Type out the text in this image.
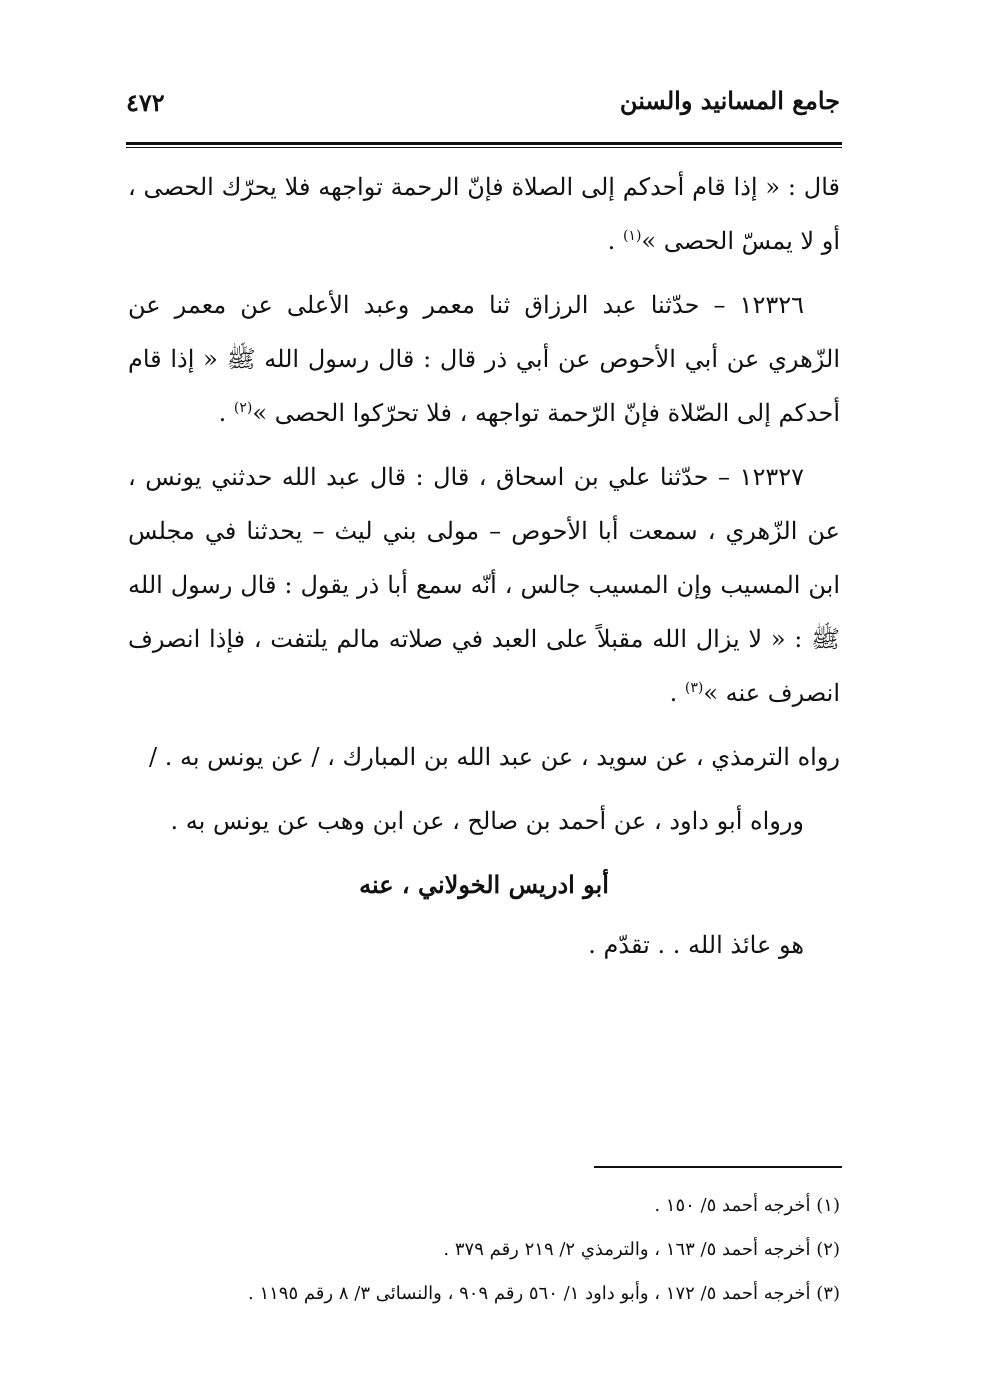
جامع المسانيد والسنن
٤٧٢

قال : « إذا قام أحدكم إلى الصلاة فإنّ الرحمة تواجهه فلا يحرّك الحصى ، أو لا يمسّ الحصى »$^{(١)}$ .

١٢٣٢٦ – حدّثنا عبد الرزاق ثنا معمر وعبد الأعلى عن معمر عن الزّهري عن أبي الأحوص عن أبي ذر قال : قال رسول الله ﷺ « إذا قام أحدكم إلى الصّلاة فإنّ الرّحمة تواجهه ، فلا تحرّكوا الحصى »$^{(٢)}$ .

١٢٣٢٧ – حدّثنا علي بن اسحاق ، قال : قال عبد الله حدثني يونس ، عن الزّهري ، سمعت أبا الأحوص – مولى بني ليث – يحدثنا في مجلس ابن المسيب وإن المسيب جالس ، أنّه سمع أبا ذر يقول : قال رسول الله ﷺ : « لا يزال الله مقبلاً على العبد في صلاته مالم يلتفت ، فإذا انصرف انصرف عنه »$^{(٣)}$ .

رواه الترمذي ، عن سويد ، عن عبد الله بن المبارك ، / عن يونس به . /

ورواه أبو داود ، عن أحمد بن صالح ، عن ابن وهب عن يونس به .

أبو ادريس الخولاني ، عنه

هو عائذ الله . . تقدّم .

(١) أخرجه أحمد ٥/ ١٥٠ .
(٢) أخرجه أحمد ٥/ ١٦٣ ، والترمذي ٢/ ٢١٩ رقم ٣٧٩ .
(٣) أخرجه أحمد ٥/ ١٧٢ ، وأبو داود ١/ ٥٦٠ رقم ٩٠٩ ، والنسائى ٣/ ٨ رقم ١١٩٥ .
